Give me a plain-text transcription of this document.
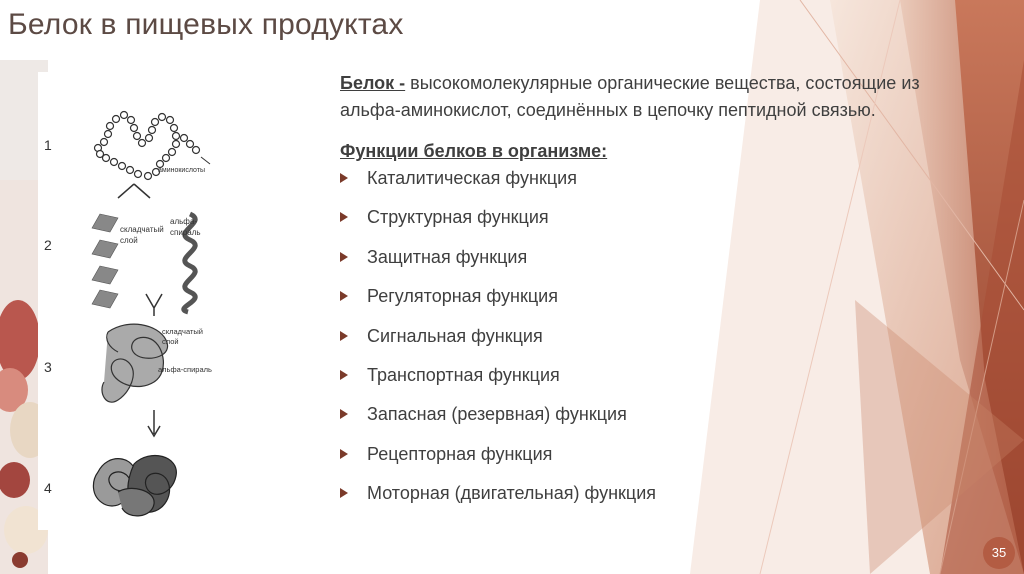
Белок в пищевых продуктах
1
2
3
4
аминокислоты
складчатый
слой
альфа-
спираль
складчатый
слой
альфа-спираль

Белок - высокомолекулярные органические вещества, состоящие из альфа-аминокислот, соединённых в цепочку пептидной связью.

Функции белков в организме:
Каталитическая функция
Структурная функция
Защитная функция
Регуляторная функция
Сигнальная функция
Транспортная функция
Запасная (резервная) функция
Рецепторная функция
Моторная (двигательная) функция
35
